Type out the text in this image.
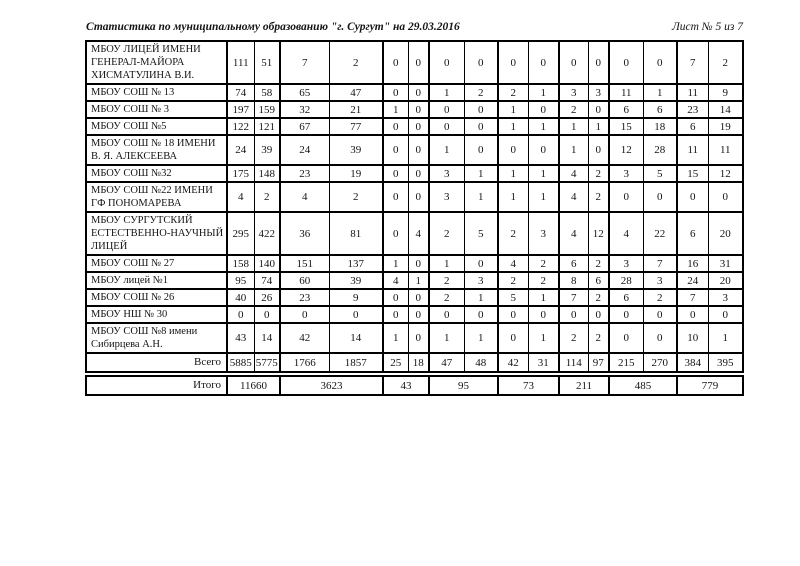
Статистика по муниципальному образованию "г. Сургут" на 29.03.2016	Лист № 5 из 7
МБОУ ЛИЦЕЙ ИМЕНИ ГЕНЕРАЛ-МАЙОРА ХИСМАТУЛИНА В.И.	111	51	7	2	0	0	0	0	0	0	0	0	0	0	7	2
МБОУ СОШ № 13	74	58	65	47	0	0	1	2	2	1	3	3	11	1	11	9
МБОУ СОШ № 3	197	159	32	21	1	0	0	0	1	0	2	0	6	6	23	14
МБОУ СОШ №5	122	121	67	77	0	0	0	0	1	1	1	1	15	18	6	19
МБОУ СОШ № 18 ИМЕНИ В. Я. АЛЕКСЕЕВА	24	39	24	39	0	0	1	0	0	0	1	0	12	28	11	11
МБОУ СОШ №32	175	148	23	19	0	0	3	1	1	1	4	2	3	5	15	12
МБОУ СОШ №22 ИМЕНИ ГФ ПОНОМАРЕВА	4	2	4	2	0	0	3	1	1	1	4	2	0	0	0	0
МБОУ СУРГУТСКИЙ ЕСТЕСТВЕННО-НАУЧНЫЙ ЛИЦЕЙ	295	422	36	81	0	4	2	5	2	3	4	12	4	22	6	20
МБОУ СОШ № 27	158	140	151	137	1	0	1	0	4	2	6	2	3	7	16	31
МБОУ лицей №1	95	74	60	39	4	1	2	3	2	2	8	6	28	3	24	20
МБОУ СОШ № 26	40	26	23	9	0	0	2	1	5	1	7	2	6	2	7	3
МБОУ НШ № 30	0	0	0	0	0	0	0	0	0	0	0	0	0	0	0	0
МБОУ СОШ №8 имени Сибирцева А.Н.	43	14	42	14	1	0	1	1	0	1	2	2	0	0	10	1
Всего	5885	5775	1766	1857	25	18	47	48	42	31	114	97	215	270	384	395
Итого	11660	3623	43	95	73	211	485	779
